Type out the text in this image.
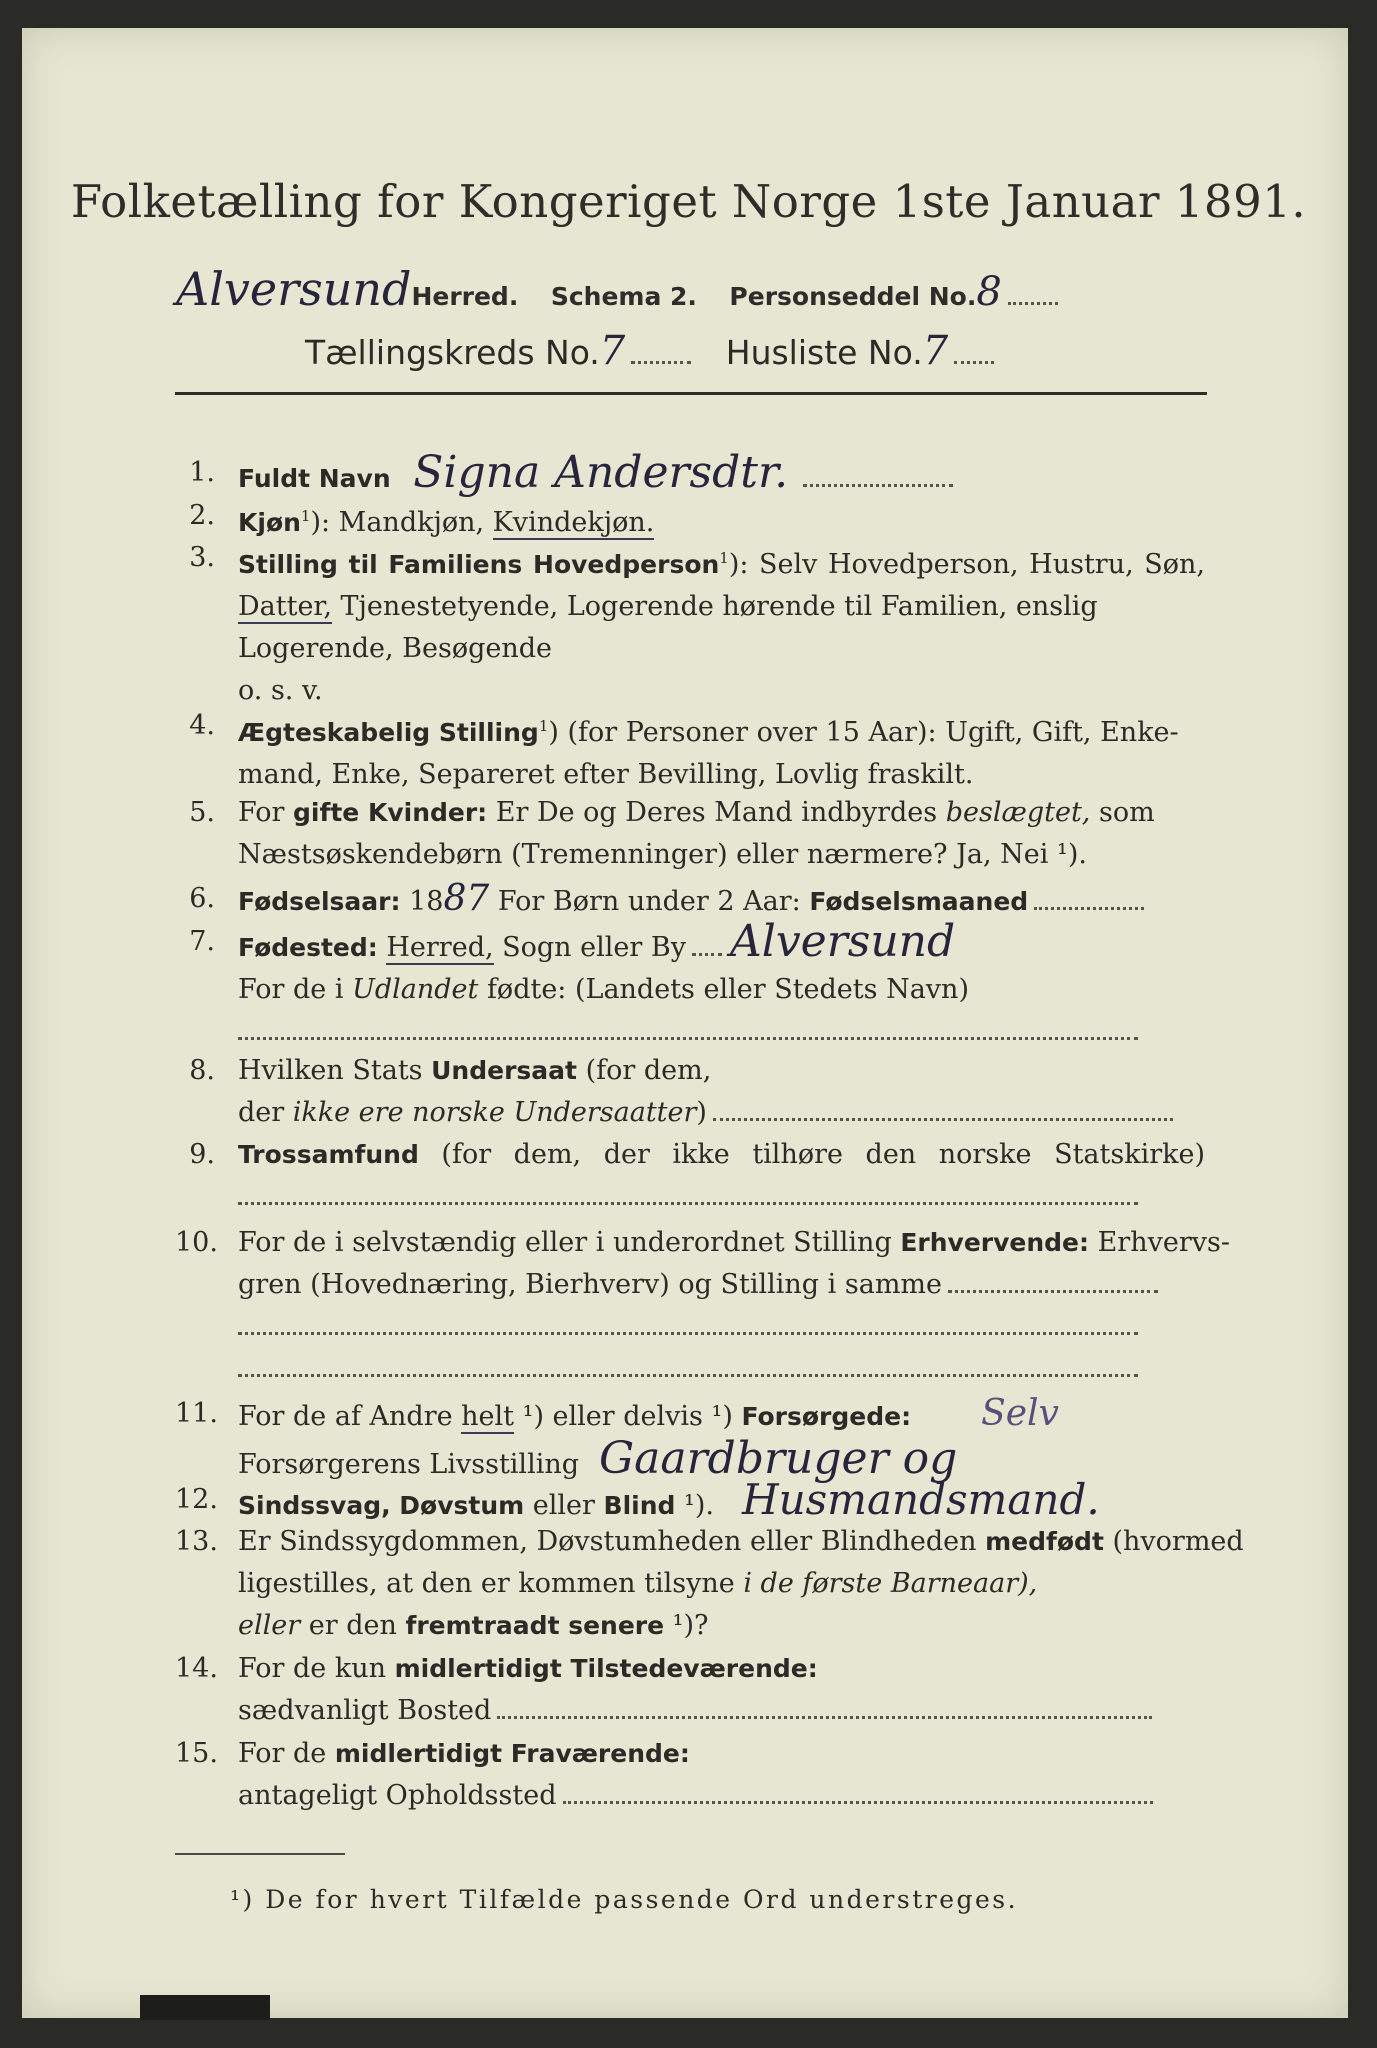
Folketælling for Kongeriget Norge 1ste Januar 1891.
AlversundHerred. Schema 2. Personseddel No.8
Tællingskreds No.7	Husliste No.7
1. Fuldt Navn Signa Andersdtr.
2. Kjøn$^1$): Mandkjøn, Kvindekjøn.
3. Stilling til Familiens Hovedperson$^1$): Selv Hovedperson, Hustru, Søn,
Datter, Tjenestetyende, Logerende hørende til Familien, enslig
Logerende, Besøgende
o. s. v.
4. Ægteskabelig Stilling$^1$) (for Personer over 15 Aar): Ugift, Gift, Enke-
mand, Enke, Separeret efter Bevilling, Lovlig fraskilt.
5. For gifte Kvinder: Er De og Deres Mand indbyrdes beslægtet, som
Næstsøskendebørn (Tremenninger) eller nærmere? Ja, Nei ¹).
6. Fødselsaar: 1887 For Børn under 2 Aar: Fødselsmaaned
7. Fødested: Herred, Sogn eller By Alversund
For de i Udlandet fødte: (Landets eller Stedets Navn)
8. Hvilken Stats Undersaat (for dem,
der ikke ere norske Undersaatter)
9. Trossamfund (for dem, der ikke tilhøre den norske Statskirke)
10. For de i selvstændig eller i underordnet Stilling Erhvervende: Erhvervs-
gren (Hovednæring, Bierhverv) og Stilling i samme
11. For de af Andre helt ¹) eller delvis ¹) Forsørgede: Selv
Forsørgerens Livsstilling Gaardbruger og
12. Sindssvag, Døvstum eller Blind ¹). Husmandsmand.
13. Er Sindssygdommen, Døvstumheden eller Blindheden medfødt (hvormed
ligestilles, at den er kommen tilsyne i de første Barneaar),
eller er den fremtraadt senere ¹)?
14. For de kun midlertidigt Tilstedeværende:
sædvanligt Bosted
15. For de midlertidigt Fraværende:
antageligt Opholdssted
¹) De for hvert Tilfælde passende Ord understreges.
